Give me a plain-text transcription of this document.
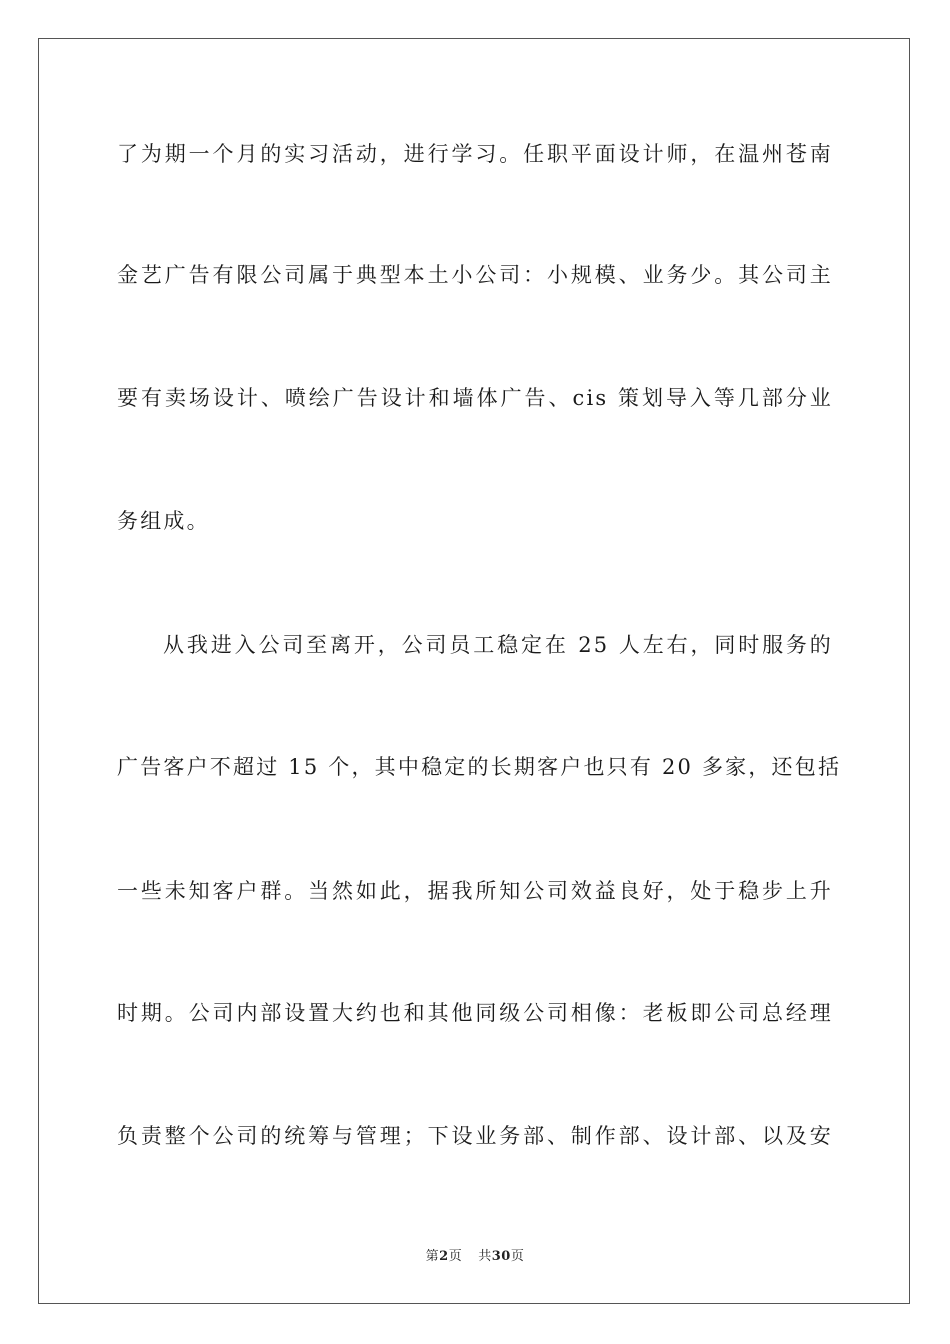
了为期一个月的实习活动，进行学习。任职平面设计师，在温州苍南
金艺广告有限公司属于典型本土小公司：小规模、业务少。其公司主
要有卖场设计、喷绘广告设计和墙体广告、cis 策划导入等几部分业
务组成。
从我进入公司至离开，公司员工稳定在 25 人左右，同时服务的
广告客户不超过 15 个，其中稳定的长期客户也只有 20 多家，还包括
一些未知客户群。当然如此，据我所知公司效益良好，处于稳步上升
时期。公司内部设置大约也和其他同级公司相像：老板即公司总经理
负责整个公司的统筹与管理；下设业务部、制作部、设计部、以及安
第2页 共30页
